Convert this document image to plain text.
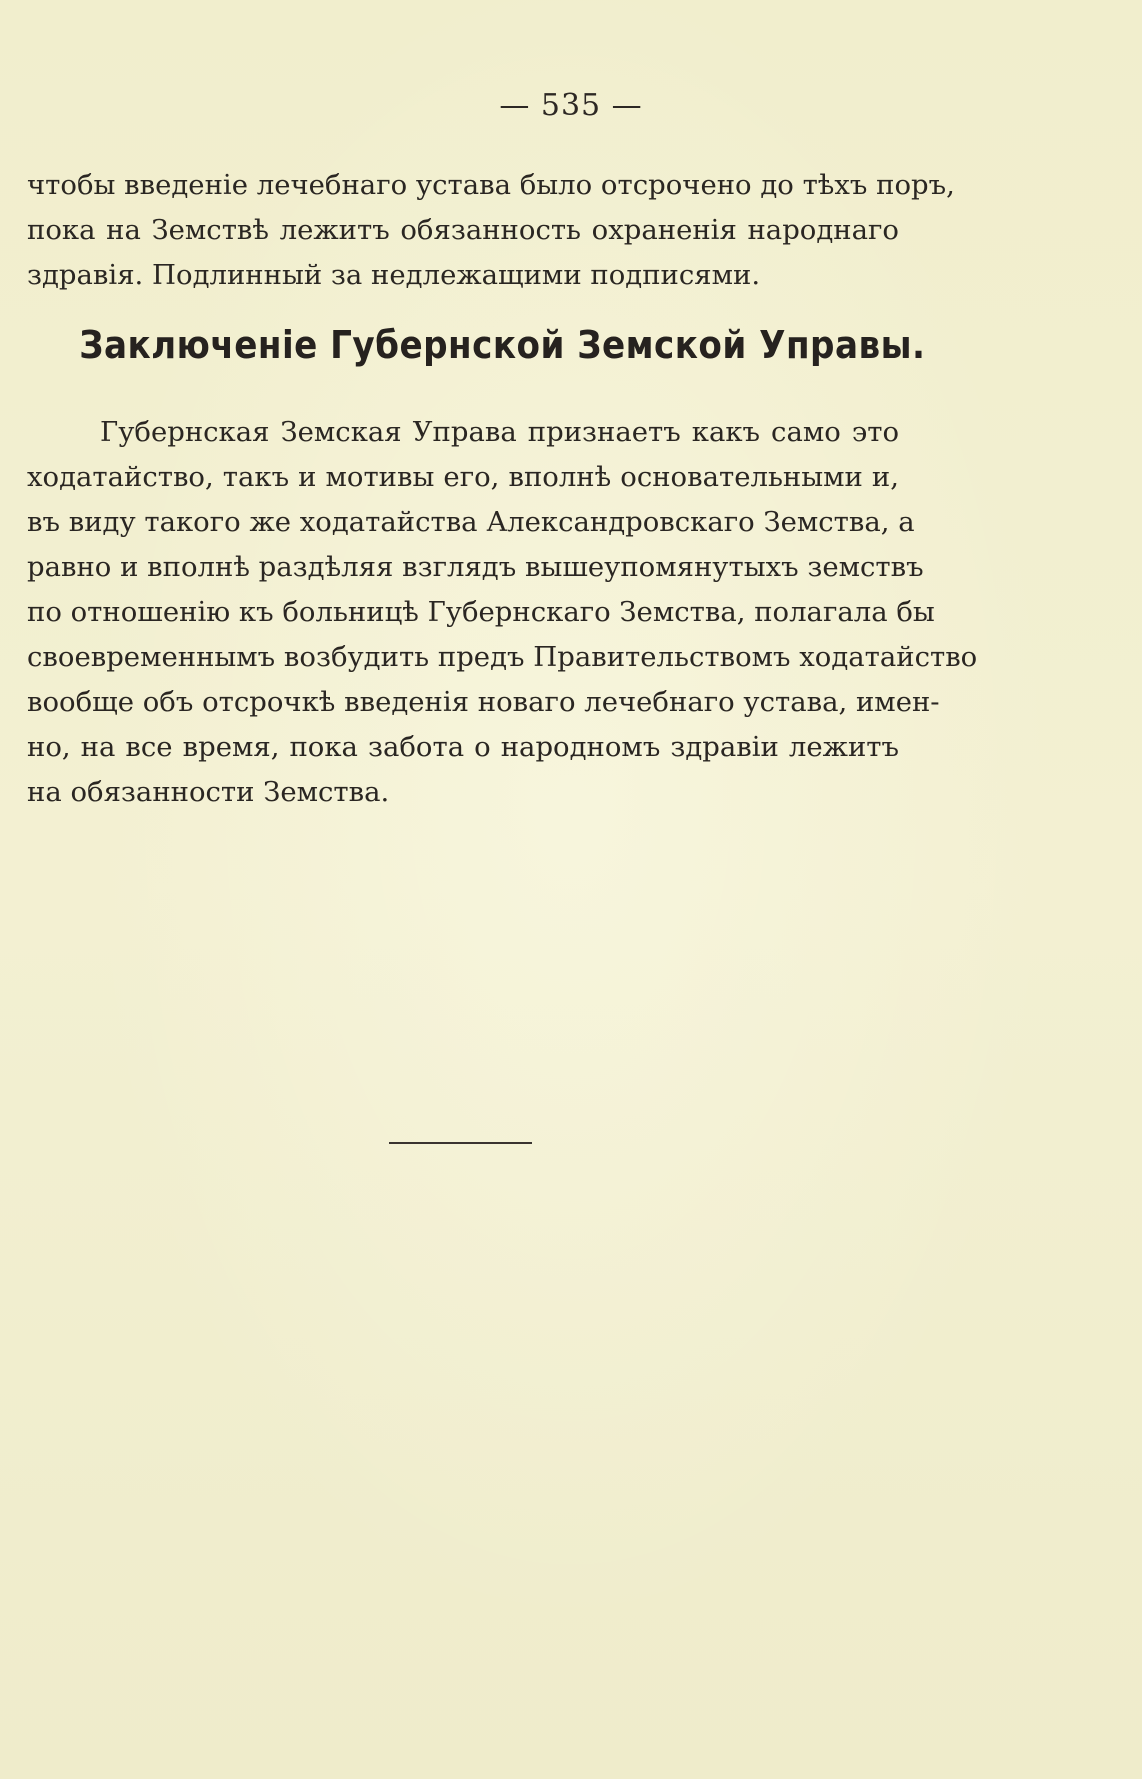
— 535 —
чтобы введеніе лечебнаго устава было отсрочено до тѣхъ поръ,
пока на Земствѣ лежитъ обязанность охраненія народнаго
здравія. Подлинный за недлежащими подписями.
Заключеніе Губернской Земской Управы.
Губернская Земская Управа признаетъ какъ само это
ходатайство, такъ и мотивы его, вполнѣ основательными и,
въ виду такого же ходатайства Александровскаго Земства, а
равно и вполнѣ раздѣляя взглядъ вышеупомянутыхъ земствъ
по отношенію къ больницѣ Губернскаго Земства, полагала бы
своевременнымъ возбудить предъ Правительствомъ ходатайство
вообще объ отсрочкѣ введенія новаго лечебнаго устава, имен-
но, на все время, пока забота о народномъ здравіи лежитъ
на обязанности Земства.
